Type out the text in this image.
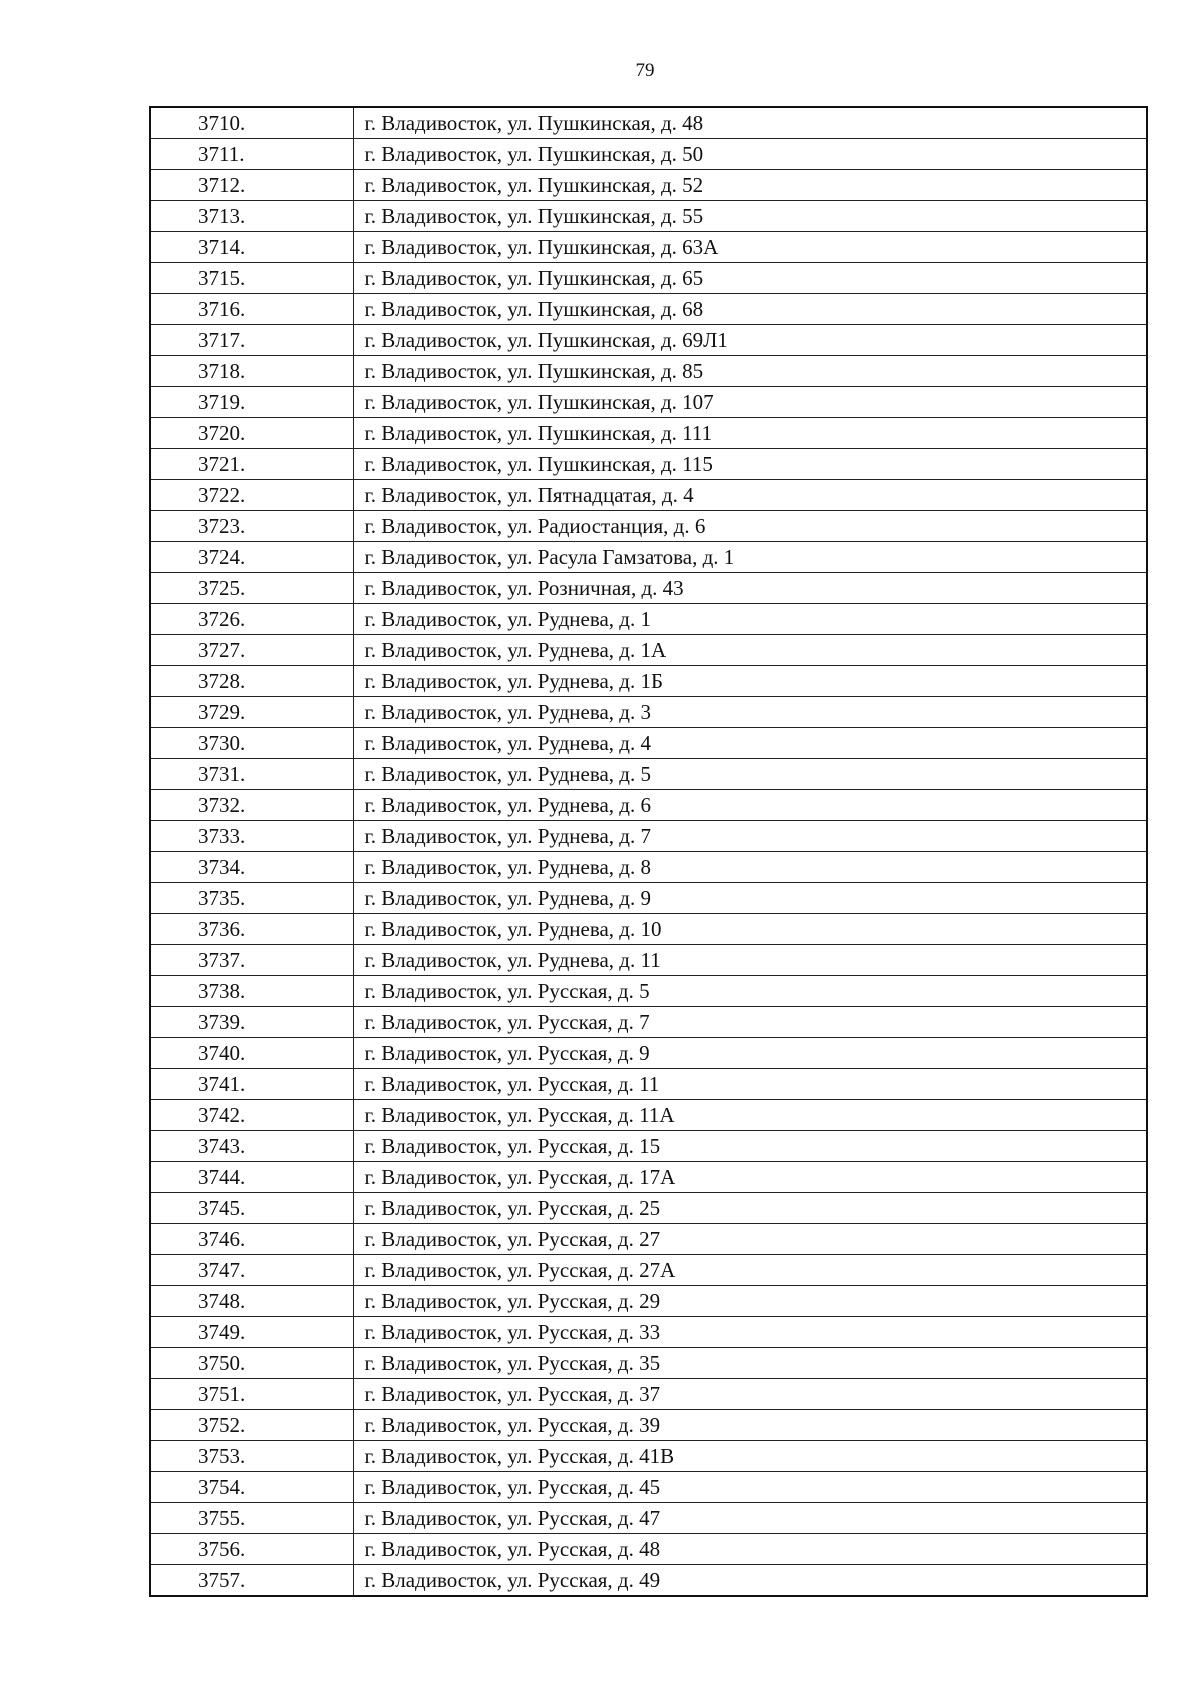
79
3710.	г. Владивосток, ул. Пушкинская, д. 48
3711.	г. Владивосток, ул. Пушкинская, д. 50
3712.	г. Владивосток, ул. Пушкинская, д. 52
3713.	г. Владивосток, ул. Пушкинская, д. 55
3714.	г. Владивосток, ул. Пушкинская, д. 63А
3715.	г. Владивосток, ул. Пушкинская, д. 65
3716.	г. Владивосток, ул. Пушкинская, д. 68
3717.	г. Владивосток, ул. Пушкинская, д. 69Л1
3718.	г. Владивосток, ул. Пушкинская, д. 85
3719.	г. Владивосток, ул. Пушкинская, д. 107
3720.	г. Владивосток, ул. Пушкинская, д. 111
3721.	г. Владивосток, ул. Пушкинская, д. 115
3722.	г. Владивосток, ул. Пятнадцатая, д. 4
3723.	г. Владивосток, ул. Радиостанция, д. 6
3724.	г. Владивосток, ул. Расула Гамзатова, д. 1
3725.	г. Владивосток, ул. Розничная, д. 43
3726.	г. Владивосток, ул. Руднева, д. 1
3727.	г. Владивосток, ул. Руднева, д. 1А
3728.	г. Владивосток, ул. Руднева, д. 1Б
3729.	г. Владивосток, ул. Руднева, д. 3
3730.	г. Владивосток, ул. Руднева, д. 4
3731.	г. Владивосток, ул. Руднева, д. 5
3732.	г. Владивосток, ул. Руднева, д. 6
3733.	г. Владивосток, ул. Руднева, д. 7
3734.	г. Владивосток, ул. Руднева, д. 8
3735.	г. Владивосток, ул. Руднева, д. 9
3736.	г. Владивосток, ул. Руднева, д. 10
3737.	г. Владивосток, ул. Руднева, д. 11
3738.	г. Владивосток, ул. Русская, д. 5
3739.	г. Владивосток, ул. Русская, д. 7
3740.	г. Владивосток, ул. Русская, д. 9
3741.	г. Владивосток, ул. Русская, д. 11
3742.	г. Владивосток, ул. Русская, д. 11А
3743.	г. Владивосток, ул. Русская, д. 15
3744.	г. Владивосток, ул. Русская, д. 17А
3745.	г. Владивосток, ул. Русская, д. 25
3746.	г. Владивосток, ул. Русская, д. 27
3747.	г. Владивосток, ул. Русская, д. 27А
3748.	г. Владивосток, ул. Русская, д. 29
3749.	г. Владивосток, ул. Русская, д. 33
3750.	г. Владивосток, ул. Русская, д. 35
3751.	г. Владивосток, ул. Русская, д. 37
3752.	г. Владивосток, ул. Русская, д. 39
3753.	г. Владивосток, ул. Русская, д. 41В
3754.	г. Владивосток, ул. Русская, д. 45
3755.	г. Владивосток, ул. Русская, д. 47
3756.	г. Владивосток, ул. Русская, д. 48
3757.	г. Владивосток, ул. Русская, д. 49
